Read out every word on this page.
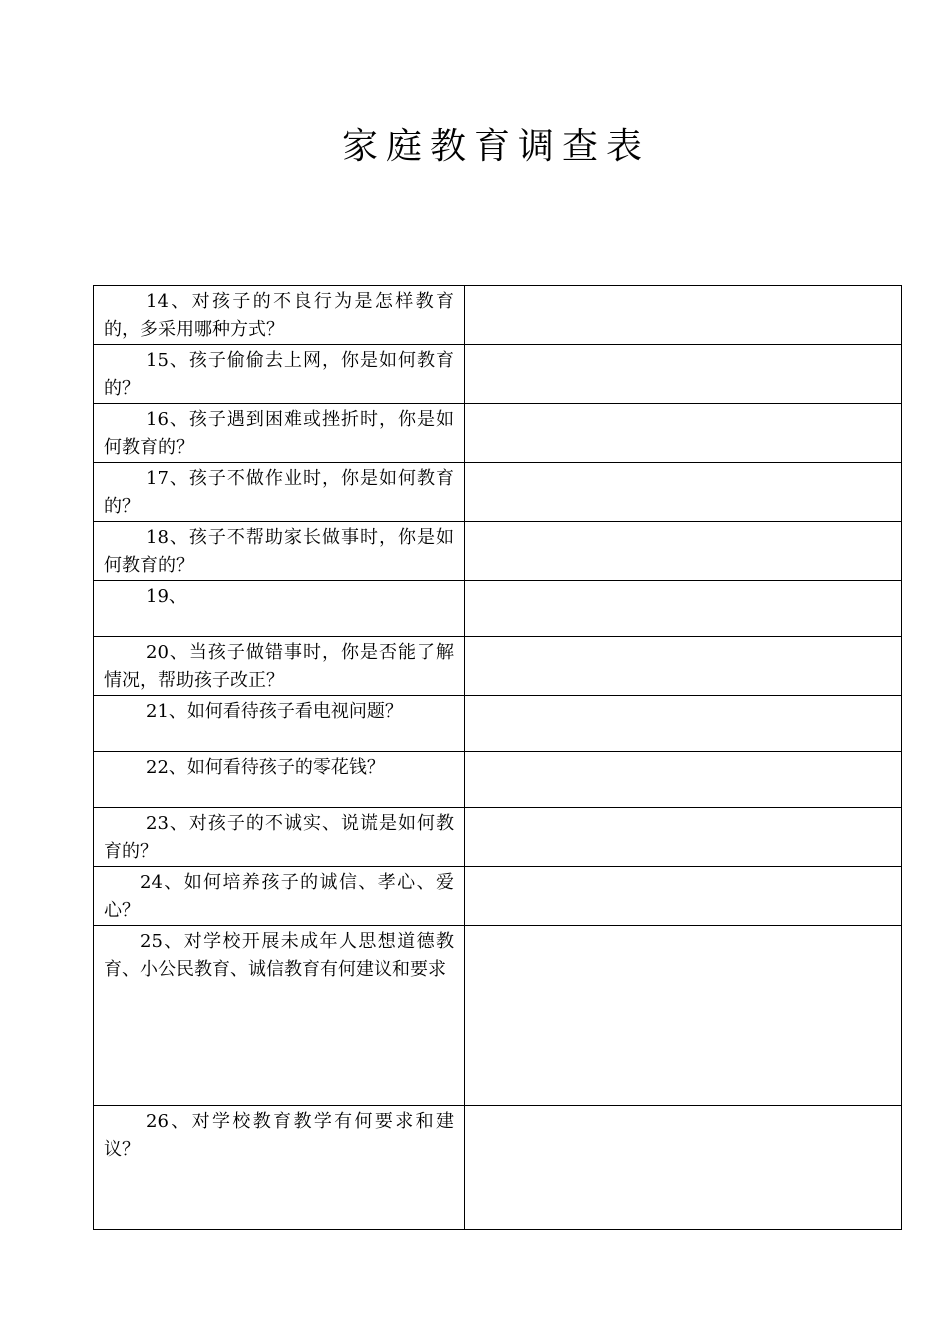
家庭教育调查表

14、对孩子的不良行为是怎样教育的，多采用哪种方式？	

15、孩子偷偷去上网，你是如何教育的？	

16、孩子遇到困难或挫折时，你是如何教育的？	

17、孩子不做作业时，你是如何教育的？	

18、孩子不帮助家长做事时，你是如何教育的？	

19、	

20、当孩子做错事时，你是否能了解情况，帮助孩子改正？	

21、如何看待孩子看电视问题？	

22、如何看待孩子的零花钱？	

23、对孩子的不诚实、说谎是如何教育的？	

24、如何培养孩子的诚信、孝心、爱心？	

25、对学校开展未成年人思想道德教育、小公民教育、诚信教育有何建议和要求	

26、对学校教育教学有何要求和建议？	
